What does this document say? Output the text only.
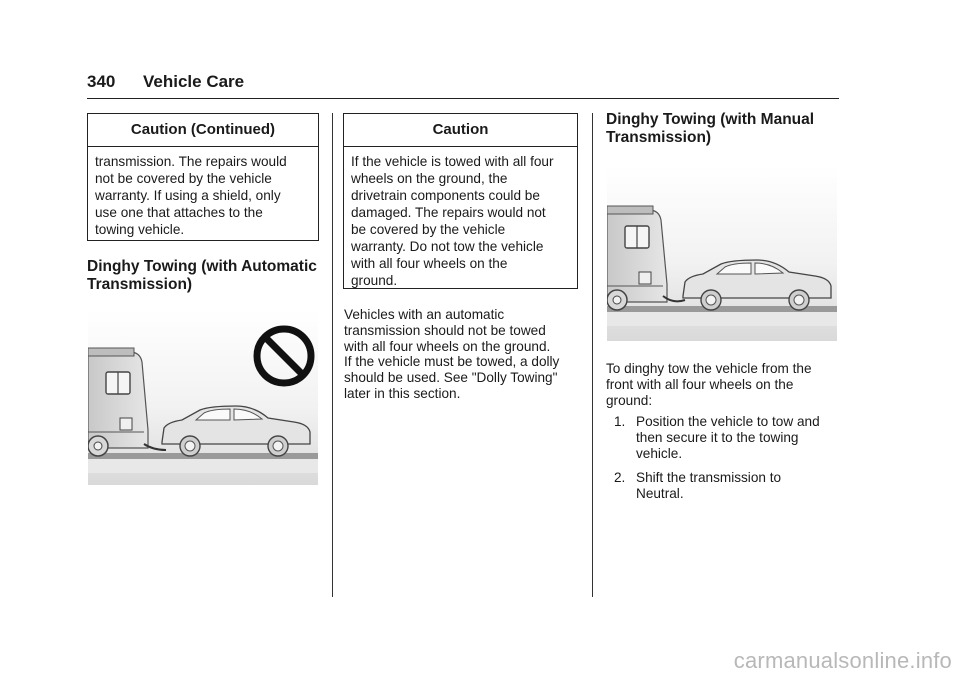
340 Vehicle Care
Caution (Continued)
transmission. The repairs would
not be covered by the vehicle
warranty. If using a shield, only
use one that attaches to the
towing vehicle.
Dinghy Towing (with Automatic
Transmission)
Caution
If the vehicle is towed with all four
wheels on the ground, the
drivetrain components could be
damaged. The repairs would not
be covered by the vehicle
warranty. Do not tow the vehicle
with all four wheels on the
ground.
Vehicles with an automatic
transmission should not be towed
with all four wheels on the ground.
If the vehicle must be towed, a dolly
should be used. See "Dolly Towing"
later in this section.
Dinghy Towing (with Manual
Transmission)
To dinghy tow the vehicle from the
front with all four wheels on the
ground:
1. Position the vehicle to tow and
then secure it to the towing
vehicle.
2. Shift the transmission to
Neutral.
carmanualsonline.info
